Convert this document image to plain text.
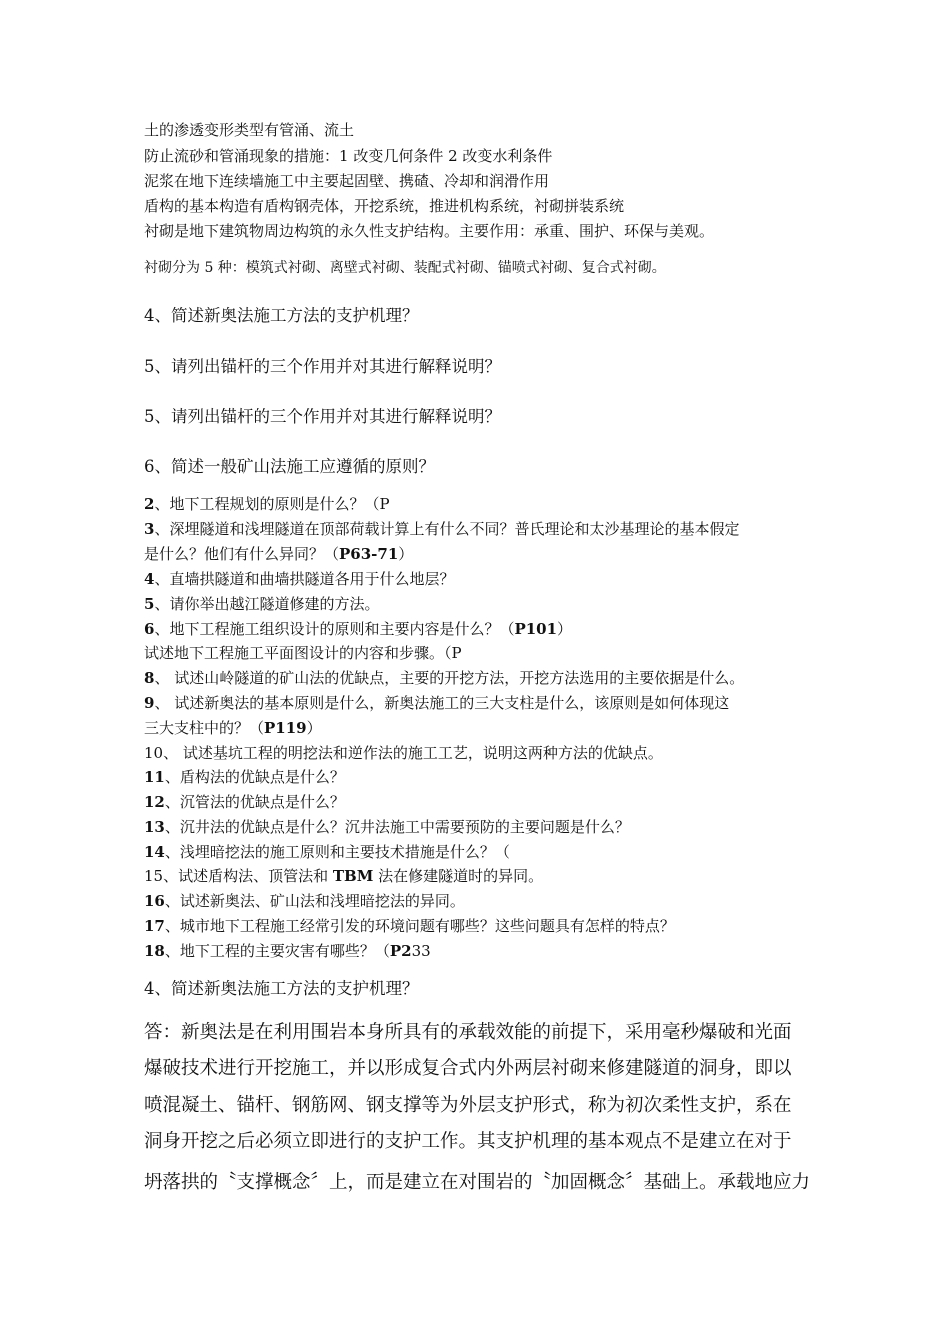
土的渗透变形类型有管涌、流土
防止流砂和管涌现象的措施：1 改变几何条件 2 改变水利条件
泥浆在地下连续墙施工中主要起固壁、携碴、冷却和润滑作用
盾构的基本构造有盾构钢壳体，开挖系统，推进机构系统，衬砌拼装系统
衬砌是地下建筑物周边构筑的永久性支护结构。主要作用：承重、围护、环保与美观。
衬砌分为 5 种：模筑式衬砌、离壁式衬砌、装配式衬砌、锚喷式衬砌、复合式衬砌。
4、简述新奥法施工方法的支护机理？
5、请列出锚杆的三个作用并对其进行解释说明？
5、请列出锚杆的三个作用并对其进行解释说明？
6、简述一般矿山法施工应遵循的原则？
2、地下工程规划的原则是什么？（P
3、深埋隧道和浅埋隧道在顶部荷载计算上有什么不同？普氏理论和太沙基理论的基本假定
是什么？他们有什么异同？（P63-71）
4、直墙拱隧道和曲墙拱隧道各用于什么地层？
5、请你举出越江隧道修建的方法。
6、地下工程施工组织设计的原则和主要内容是什么？（P101）
试述地下工程施工平面图设计的内容和步骤。（P
8、 试述山岭隧道的矿山法的优缺点，主要的开挖方法，开挖方法选用的主要依据是什么。
9、 试述新奥法的基本原则是什么，新奥法施工的三大支柱是什么，该原则是如何体现这
三大支柱中的？（P119）
10、 试述基坑工程的明挖法和逆作法的施工工艺，说明这两种方法的优缺点。
11、盾构法的优缺点是什么？
12、沉管法的优缺点是什么？
13、沉井法的优缺点是什么？沉井法施工中需要预防的主要问题是什么？
14、浅埋暗挖法的施工原则和主要技术措施是什么？（
15、试述盾构法、顶管法和 TBM 法在修建隧道时的异同。
16、试述新奥法、矿山法和浅埋暗挖法的异同。
17、城市地下工程施工经常引发的环境问题有哪些？这些问题具有怎样的特点？
18、地下工程的主要灾害有哪些？（P233
4、简述新奥法施工方法的支护机理？
答：新奥法是在利用围岩本身所具有的承载效能的前提下，采用毫秒爆破和光面
爆破技术进行开挖施工，并以形成复合式内外两层衬砌来修建隧道的洞身，即以
喷混凝土、锚杆、钢筋网、钢支撑等为外层支护形式，称为初次柔性支护，系在
洞身开挖之后必须立即进行的支护工作。其支护机理的基本观点不是建立在对于
坍落拱的〝支撑概念〞上，而是建立在对围岩的〝加固概念〞基础上。承载地应力
